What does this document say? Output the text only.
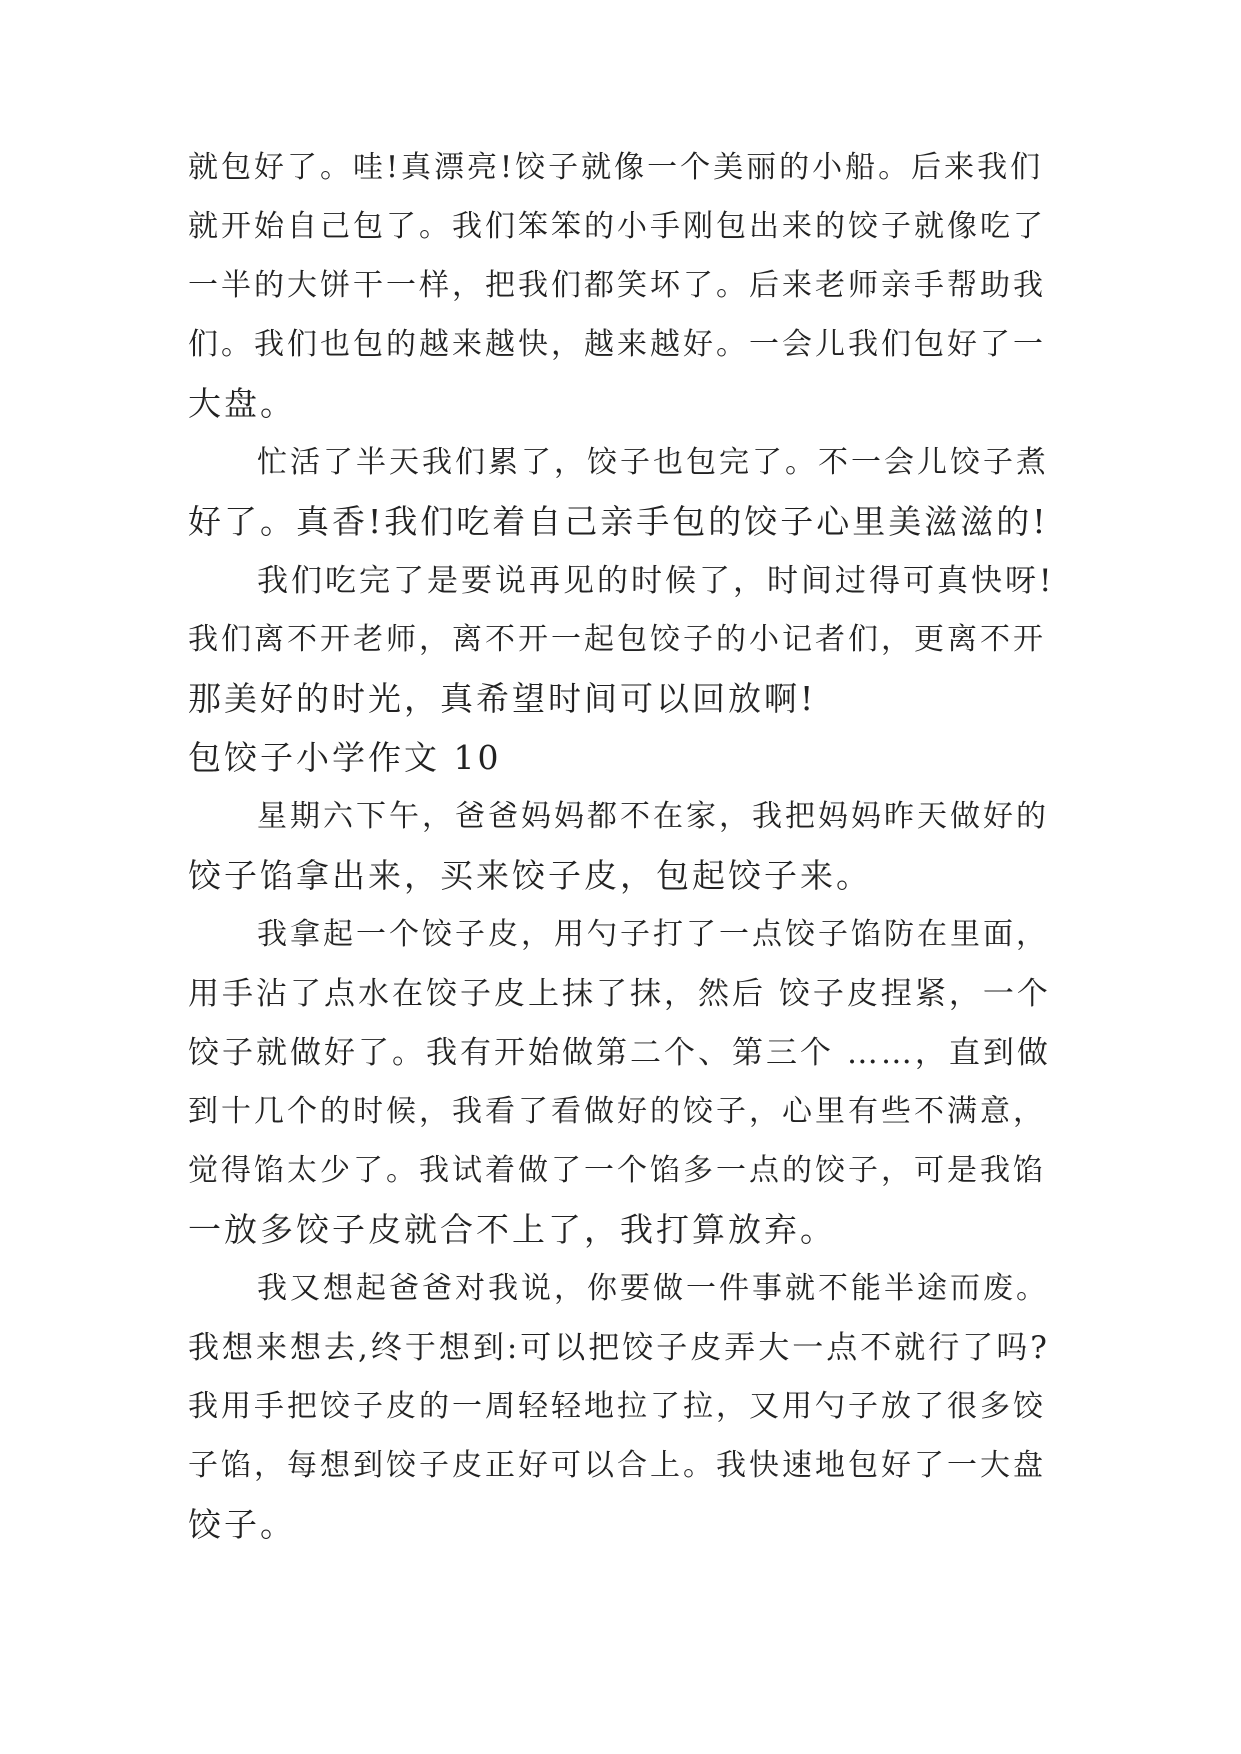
就包好了。哇!真漂亮!饺子就像一个美丽的小船。后来我们
就开始自己包了。我们笨笨的小手刚包出来的饺子就像吃了
一半的大饼干一样，把我们都笑坏了。后来老师亲手帮助我
们。我们也包的越来越快，越来越好。一会儿我们包好了一
大盘。
忙活了半天我们累了，饺子也包完了。不一会儿饺子煮
好了。真香!我们吃着自己亲手包的饺子心里美滋滋的!
我们吃完了是要说再见的时候了，时间过得可真快呀!
我们离不开老师，离不开一起包饺子的小记者们，更离不开
那美好的时光，真希望时间可以回放啊!
包饺子小学作文 10
星期六下午，爸爸妈妈都不在家，我把妈妈昨天做好的
饺子馅拿出来，买来饺子皮，包起饺子来。
我拿起一个饺子皮，用勺子打了一点饺子馅防在里面，
用手沾了点水在饺子皮上抹了抹，然后 饺子皮捏紧，一个
饺子就做好了。我有开始做第二个、第三个 ……，直到做
到十几个的时候，我看了看做好的饺子，心里有些不满意，
觉得馅太少了。我试着做了一个馅多一点的饺子，可是我馅
一放多饺子皮就合不上了，我打算放弃。
我又想起爸爸对我说，你要做一件事就不能半途而废。
我想来想去,终于想到:可以把饺子皮弄大一点不就行了吗?
我用手把饺子皮的一周轻轻地拉了拉，又用勺子放了很多饺
子馅，每想到饺子皮正好可以合上。我快速地包好了一大盘
饺子。
